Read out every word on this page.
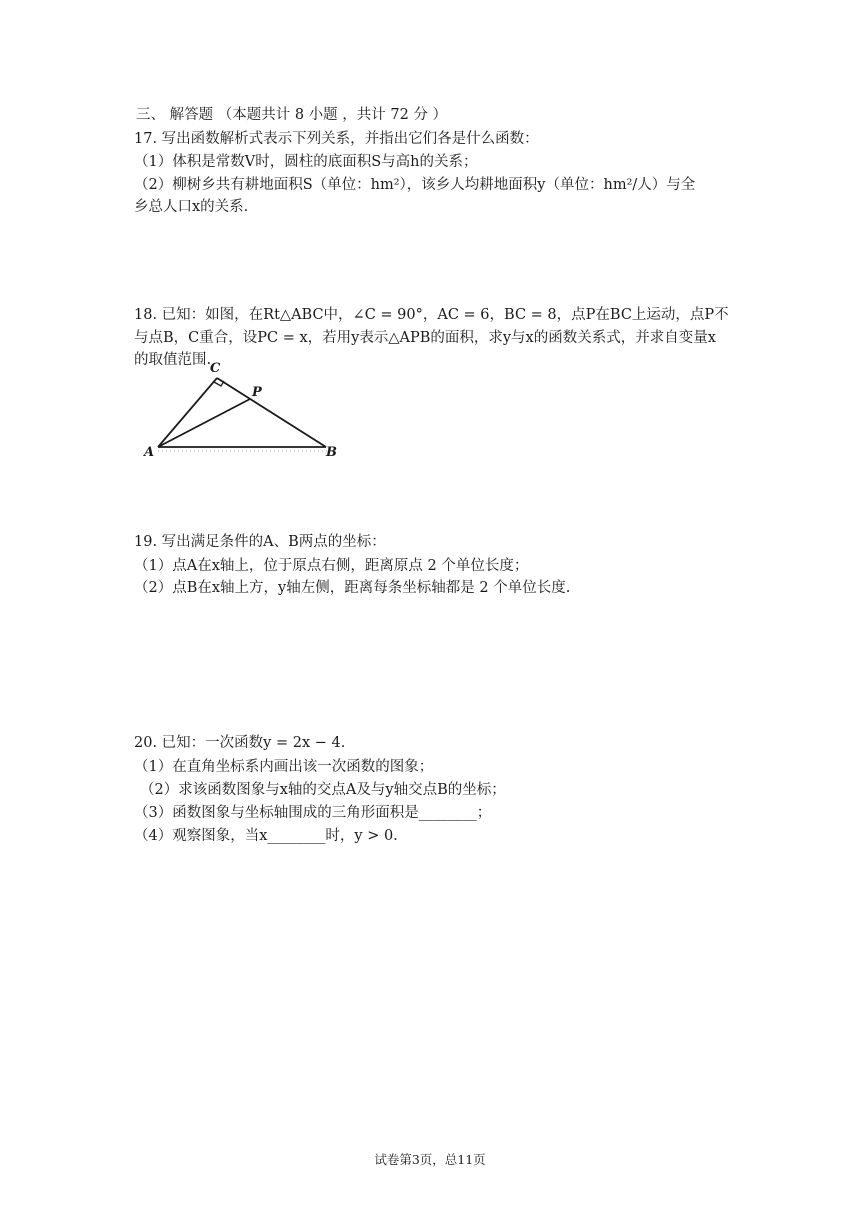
三、 解答题 （本题共计 8 小题 ，共计 72 分 ）
17. 写出函数解析式表示下列关系，并指出它们各是什么函数：
（1）体积是常数V时，圆柱的底面积S与高h的关系；
（2）柳树乡共有耕地面积S（单位：hm²），该乡人均耕地面积y（单位：hm²/人）与全
乡总人口x的关系.
18. 已知：如图，在Rt△ABC中，∠C = 90°，AC = 6，BC = 8，点P在BC上运动，点P不
与点B，C重合，设PC = x，若用y表示△APB的面积，求y与x的函数关系式，并求自变量x
的取值范围.
C
P
A	B
19. 写出满足条件的A、B两点的坐标：
（1）点A在x轴上，位于原点右侧，距离原点 2 个单位长度；
（2）点B在x轴上方，y轴左侧，距离每条坐标轴都是 2 个单位长度.
20. 已知：一次函数y = 2x − 4.
（1）在直角坐标系内画出该一次函数的图象；
（2）求该函数图象与x轴的交点A及与y轴交点B的坐标；
（3）函数图象与坐标轴围成的三角形面积是________；
（4）观察图象，当x________时，y > 0.
试卷第3页，总11页
